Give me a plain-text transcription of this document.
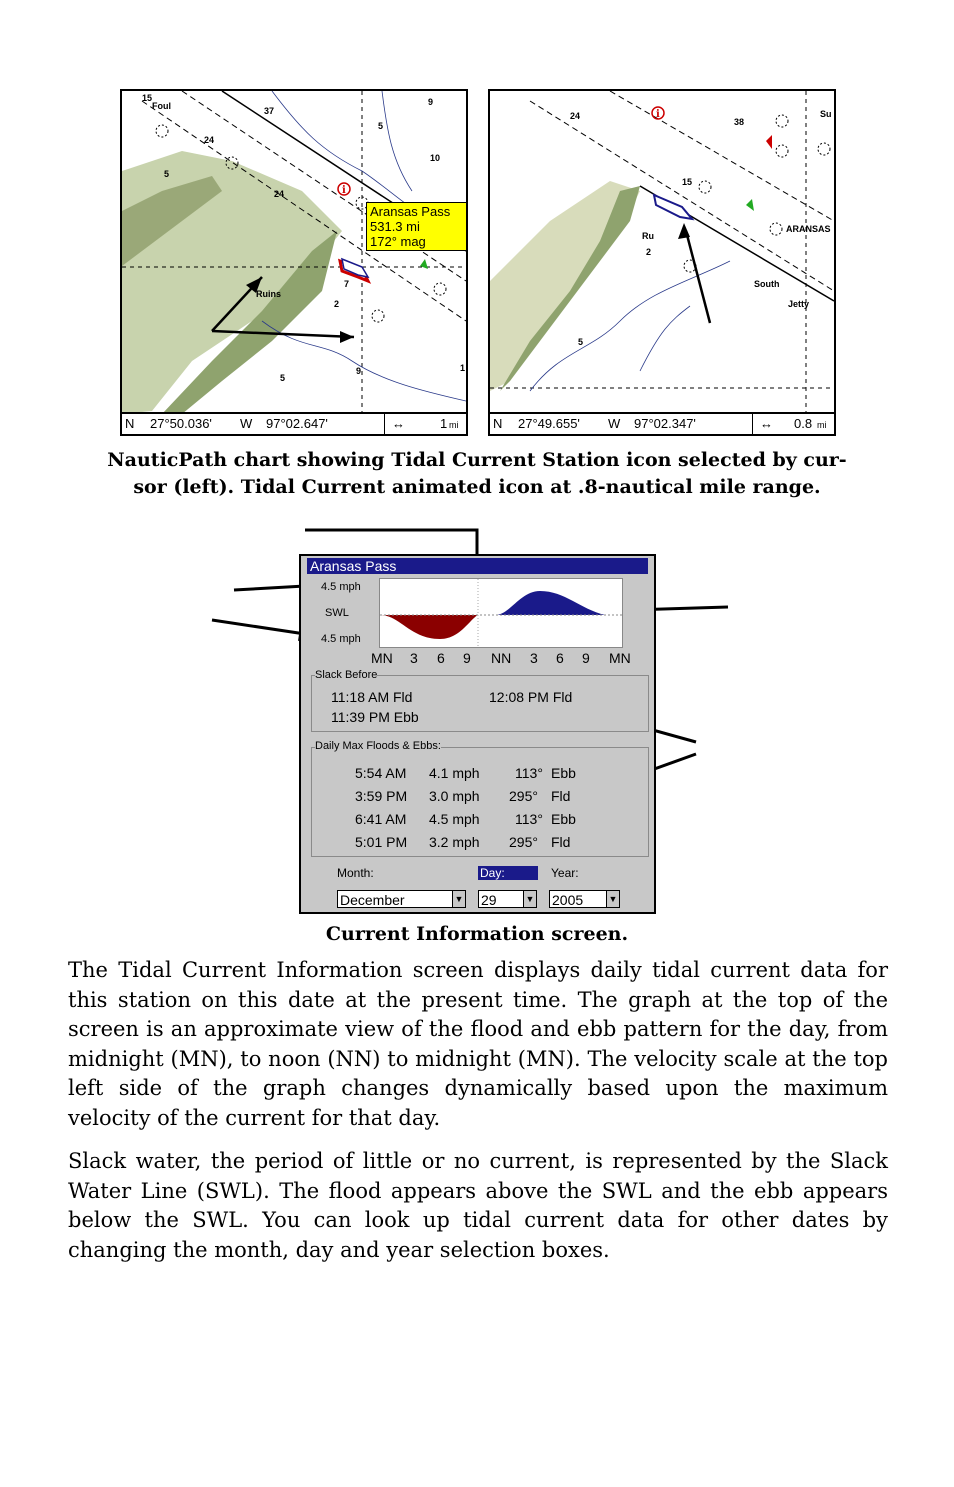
i
15
Foul	37
9
5
10
24
24
5
Ruins
7
2
5
9	1
Aransas Pass
531.3 mi
172° mag
N 27°50.036' W 97°02.647'	↔	1 mi
i
24
38
Su
15
Ru
2
ARANSAS
South
Jetty
5
N 27°49.655' W 97°02.347'	↔ 0.8 mi
NauticPath chart showing Tidal Current Station icon selected by cur-
sor (left). Tidal Current animated icon at .8-nautical mile range.
Aransas Pass
4.5 mph
SWL
4.5 mph
MN 3 6 9 NN 3 6 9 MN
Slack Before
11:18 AM Fld	12:08 PM Fld
11:39 PM Ebb
Daily Max Floods & Ebbs:
5:54 AM 4.1 mph	113° Ebb
3:59 PM 3.0 mph 295° Fld
6:41 AM 4.5 mph	113° Ebb
5:01 PM 3.2 mph 295° Fld
Month:	Day:	Year:
December	▼ 29	▼ 2005	▼
Current Information screen.

The Tidal Current Information screen displays daily tidal current data for this station on this date at the present time. The graph at the top of the screen is an approximate view of the flood and ebb pattern for the day, from midnight (MN), to noon (NN) to midnight (MN). The velocity scale at the top left side of the graph changes dynamically based upon the maximum velocity of the current for that day.

Slack water, the period of little or no current, is represented by the Slack Water Line (SWL). The flood appears above the SWL and the ebb appears below the SWL. You can look up tidal current data for other dates by changing the month, day and year selection boxes.
